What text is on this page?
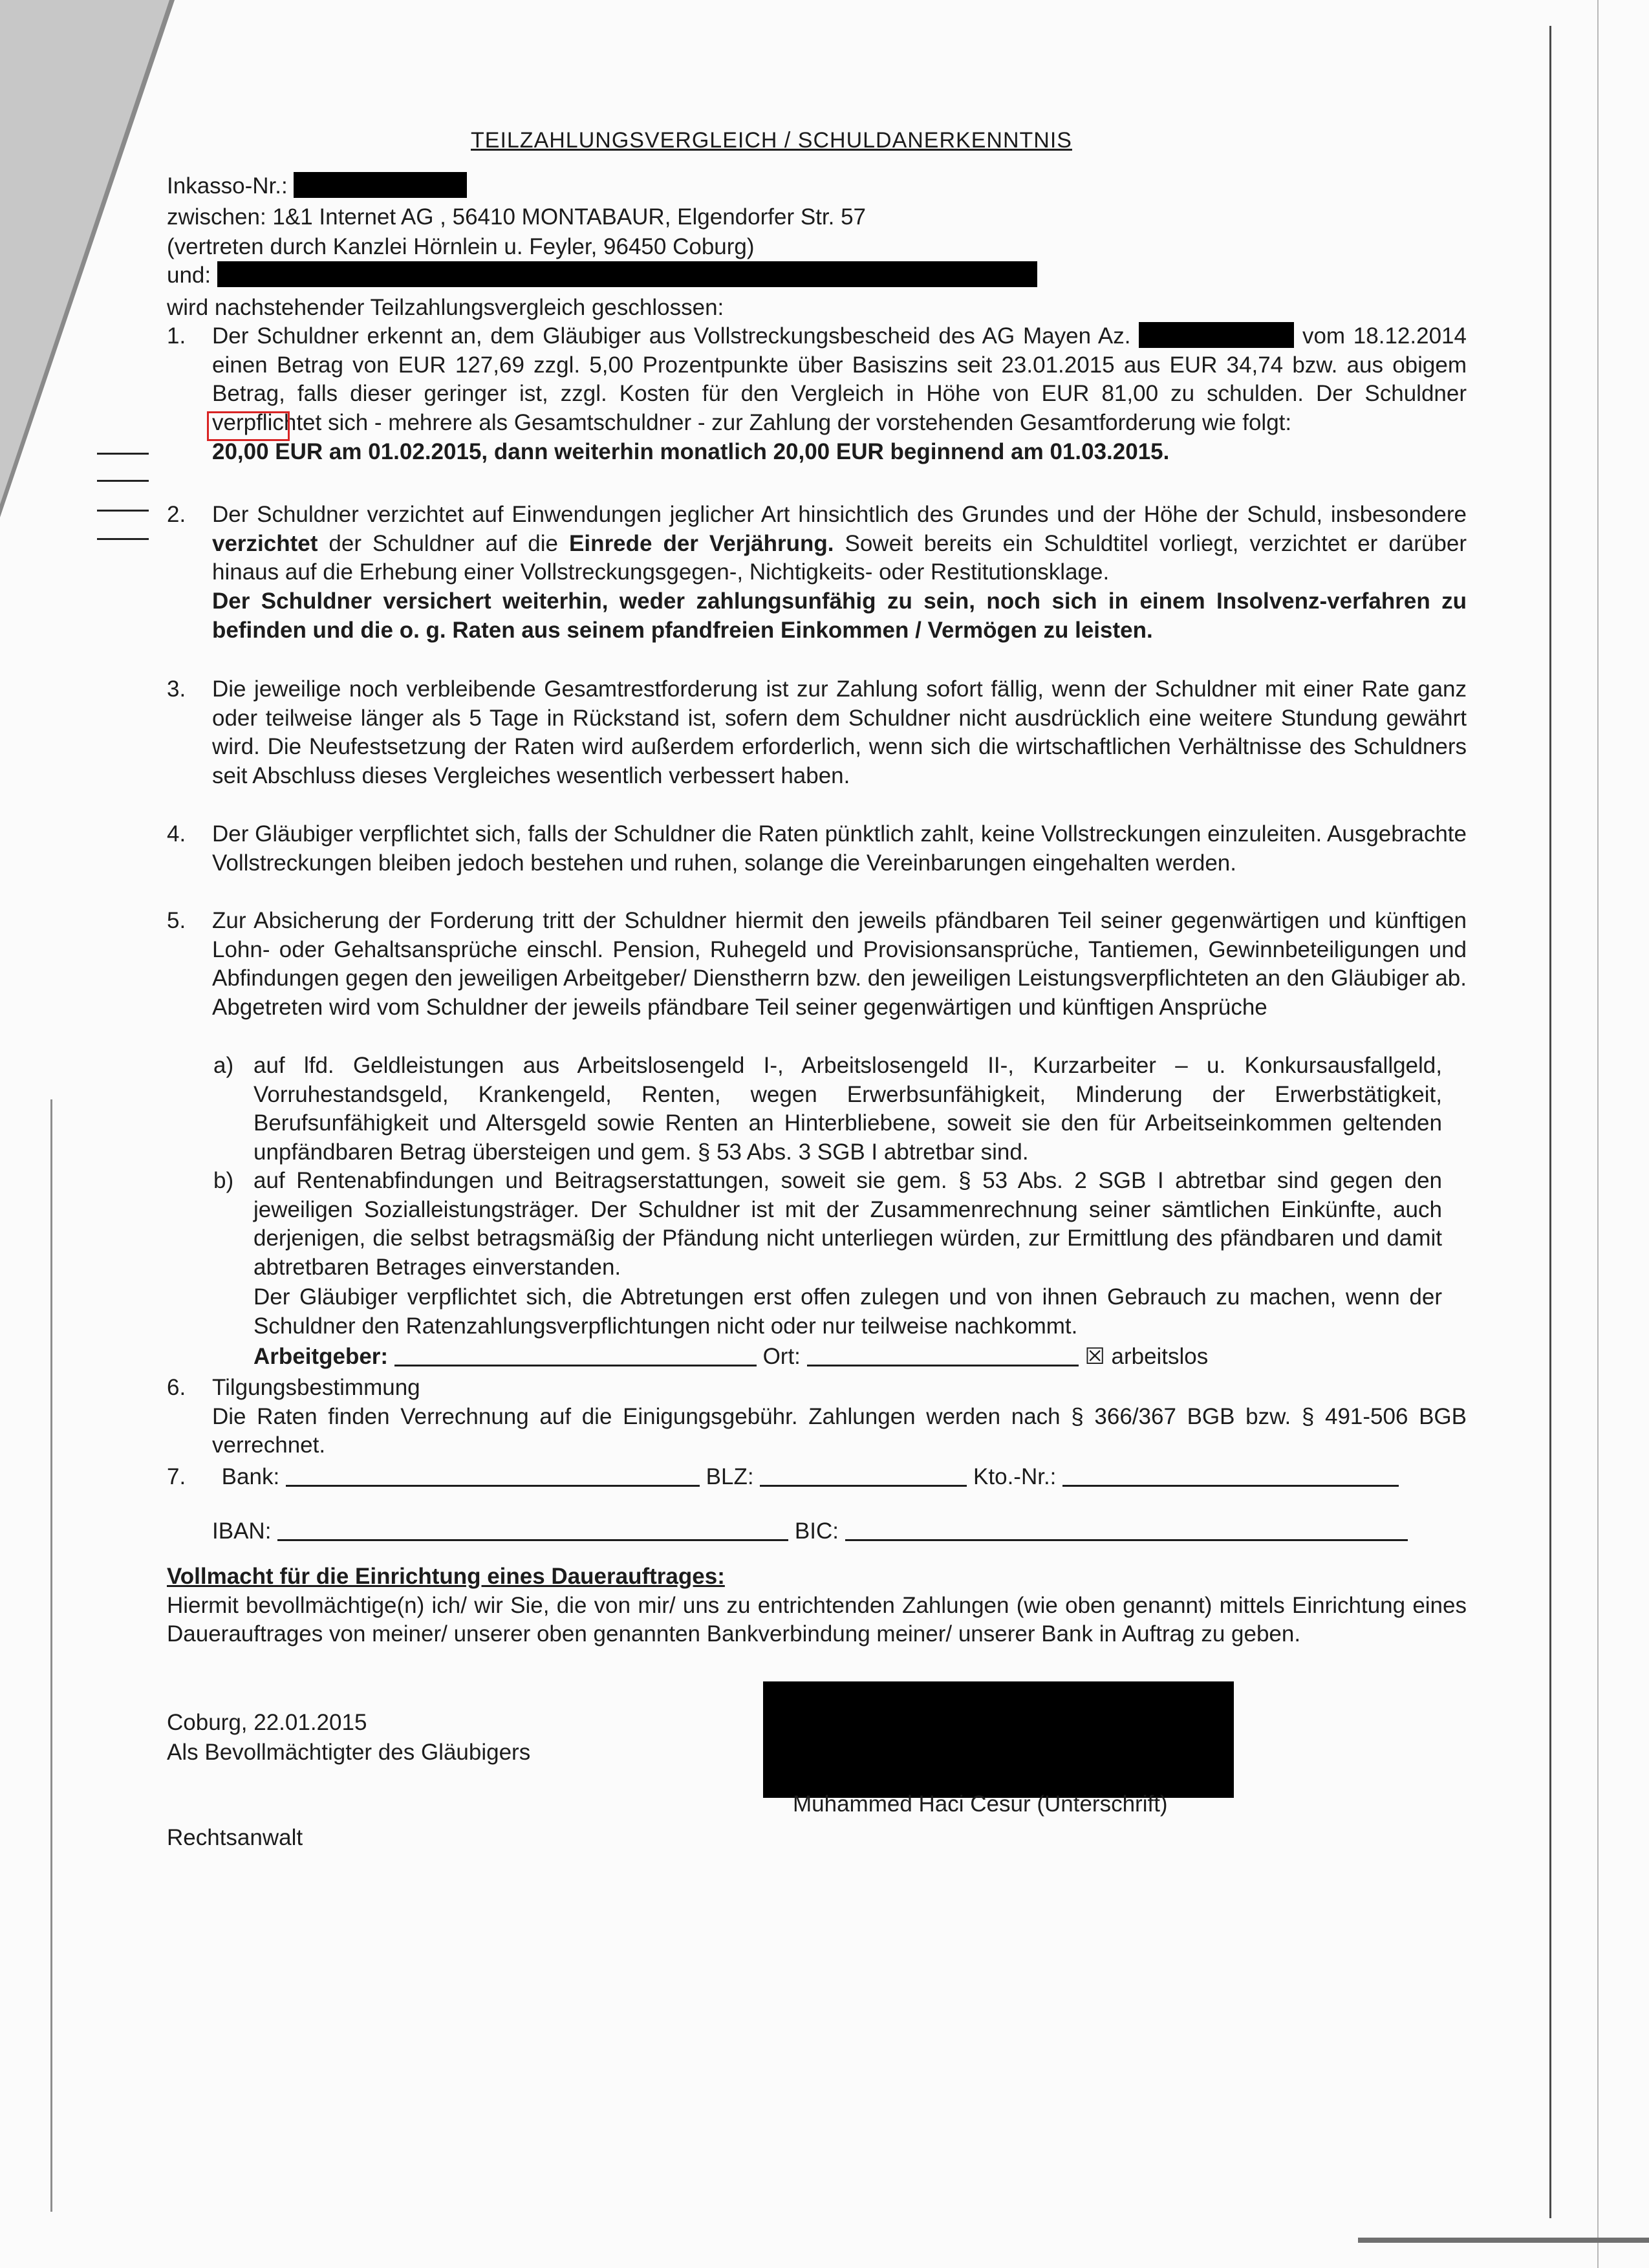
TEILZAHLUNGSVERGLEICH / SCHULDANERKENNTNIS
Inkasso-Nr.:
zwischen: 1&1 Internet AG , 56410 MONTABAUR, Elgendorfer Str. 57
(vertreten durch Kanzlei Hörnlein u. Feyler, 96450 Coburg)
und:
wird nachstehender Teilzahlungsvergleich geschlossen:
1. Der Schuldner erkennt an, dem Gläubiger aus Vollstreckungsbescheid des AG Mayen Az.	vom 18.12.2014 einen Betrag von EUR 127,69 zzgl. 5,00 Prozentpunkte über Basiszins seit 23.01.2015 aus EUR 34,74 bzw. aus obigem Betrag, falls dieser geringer ist, zzgl. Kosten für den Vergleich in Höhe von EUR 81,00 zu schulden. Der Schuldner verpflichtet sich - mehrere als Gesamtschuldner - zur Zahlung der vorstehenden Gesamtforderung wie folgt:
20,00 EUR am 01.02.2015, dann weiterhin monatlich 20,00 EUR beginnend am 01.03.2015.
2. Der Schuldner verzichtet auf Einwendungen jeglicher Art hinsichtlich des Grundes und der Höhe der Schuld, insbesondere verzichtet der Schuldner auf die Einrede der Verjährung. Soweit bereits ein Schuldtitel vorliegt, verzichtet er darüber hinaus auf die Erhebung einer Vollstreckungsgegen-, Nichtigkeits- oder Restitutionsklage.
Der Schuldner versichert weiterhin, weder zahlungsunfähig zu sein, noch sich in einem Insolvenz-verfahren zu befinden und die o. g. Raten aus seinem pfandfreien Einkommen / Vermögen zu leisten.
3. Die jeweilige noch verbleibende Gesamtrestforderung ist zur Zahlung sofort fällig, wenn der Schuldner mit einer Rate ganz oder teilweise länger als 5 Tage in Rückstand ist, sofern dem Schuldner nicht ausdrücklich eine weitere Stundung gewährt wird. Die Neufestsetzung der Raten wird außerdem erforderlich, wenn sich die wirtschaftlichen Verhältnisse des Schuldners seit Abschluss dieses Vergleiches wesentlich verbessert haben.
4. Der Gläubiger verpflichtet sich, falls der Schuldner die Raten pünktlich zahlt, keine Vollstreckungen einzuleiten. Ausgebrachte Vollstreckungen bleiben jedoch bestehen und ruhen, solange die Vereinbarungen eingehalten werden.
5. Zur Absicherung der Forderung tritt der Schuldner hiermit den jeweils pfändbaren Teil seiner gegenwärtigen und künftigen Lohn- oder Gehaltsansprüche einschl. Pension, Ruhegeld und Provisionsansprüche, Tantiemen, Gewinnbeteiligungen und Abfindungen gegen den jeweiligen Arbeitgeber/ Dienstherrn bzw. den jeweiligen Leistungsverpflichteten an den Gläubiger ab. Abgetreten wird vom Schuldner der jeweils pfändbare Teil seiner gegenwärtigen und künftigen Ansprüche
a) auf lfd. Geldleistungen aus Arbeitslosengeld I-, Arbeitslosengeld II-, Kurzarbeiter – u. Konkursausfallgeld, Vorruhestandsgeld, Krankengeld, Renten, wegen Erwerbsunfähigkeit, Minderung der Erwerbstätigkeit, Berufsunfähigkeit und Altersgeld sowie Renten an Hinterbliebene, soweit sie den für Arbeitseinkommen geltenden unpfändbaren Betrag übersteigen und gem. § 53 Abs. 3 SGB I abtretbar sind.
b) auf Rentenabfindungen und Beitragserstattungen, soweit sie gem. § 53 Abs. 2 SGB I abtretbar sind gegen den jeweiligen Sozialleistungsträger. Der Schuldner ist mit der Zusammenrechnung seiner sämtlichen Einkünfte, auch derjenigen, die selbst betragsmäßig der Pfändung nicht unterliegen würden, zur Ermittlung des pfändbaren und damit abtretbaren Betrages einverstanden.
Der Gläubiger verpflichtet sich, die Abtretungen erst offen zulegen und von ihnen Gebrauch zu machen, wenn der Schuldner den Ratenzahlungsverpflichtungen nicht oder nur teilweise nachkommt.
Arbeitgeber:	Ort:	☒ arbeitslos
6. Tilgungsbestimmung
Die Raten finden Verrechnung auf die Einigungsgebühr. Zahlungen werden nach § 366/367 BGB bzw. § 491-506 BGB verrechnet.
7. Bank:	BLZ:	Kto.-Nr.:
IBAN:	BIC:
Vollmacht für die Einrichtung eines Dauerauftrages:
Hiermit bevollmächtige(n) ich/ wir Sie, die von mir/ uns zu entrichtenden Zahlungen (wie oben genannt) mittels Einrichtung eines Dauerauftrages von meiner/ unserer oben genannten Bankverbindung meiner/ unserer Bank in Auftrag zu geben.
Coburg, 22.01.2015
Als Bevollmächtigter des Gläubigers
Rechtsanwalt
Muhammed Haci Cesur (Unterschrift)
